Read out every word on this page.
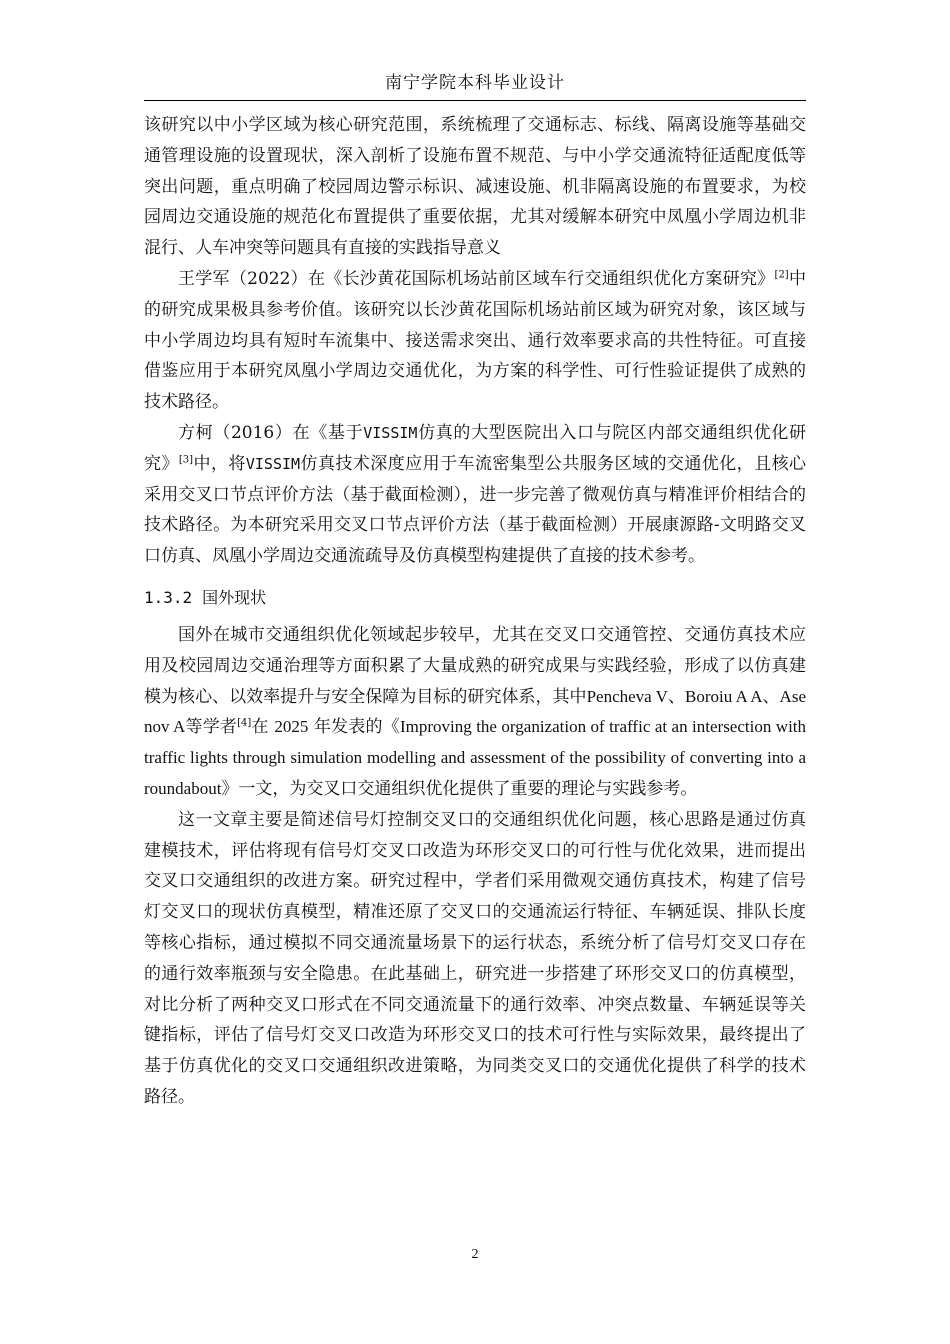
南宁学院本科毕业设计

该研究以中小学区域为核心研究范围，系统梳理了交通标志、标线、隔离设施等基础交通管理设施的设置现状，深入剖析了设施布置不规范、与中小学交通流特征适配度低等突出问题，重点明确了校园周边警示标识、减速设施、机非隔离设施的布置要求，为校园周边交通设施的规范化布置提供了重要依据，尤其对缓解本研究中凤凰小学周边机非混行、人车冲突等问题具有直接的实践指导意义

王学军（2022）在《长沙黄花国际机场站前区域车行交通组织优化方案研究》[2]中的研究成果极具参考价值。该研究以长沙黄花国际机场站前区域为研究对象，该区域与中小学周边均具有短时车流集中、接送需求突出、通行效率要求高的共性特征。可直接借鉴应用于本研究凤凰小学周边交通优化，为方案的科学性、可行性验证提供了成熟的技术路径。

方柯（2016）在《基于VISSIM仿真的大型医院出入口与院区内部交通组织优化研究》[3]中，将VISSIM仿真技术深度应用于车流密集型公共服务区域的交通优化，且核心采用交叉口节点评价方法（基于截面检测），进一步完善了微观仿真与精准评价相结合的技术路径。为本研究采用交叉口节点评价方法（基于截面检测）开展康源路-文明路交叉口仿真、凤凰小学周边交通流疏导及仿真模型构建提供了直接的技术参考。

1.3.2 国外现状

国外在城市交通组织优化领域起步较早，尤其在交叉口交通管控、交通仿真技术应用及校园周边交通治理等方面积累了大量成熟的研究成果与实践经验，形成了以仿真建模为核心、以效率提升与安全保障为目标的研究体系，其中Pencheva V、Boroiu A A、Asenov A等学者[4]在 2025 年发表的《Improving the organization of traffic at an intersection with traffic lights through simulation modelling and assessment of the possibility of converting into a roundabout》一文，为交叉口交通组织优化提供了重要的理论与实践参考。

这一文章主要是简述信号灯控制交叉口的交通组织优化问题，核心思路是通过仿真建模技术，评估将现有信号灯交叉口改造为环形交叉口的可行性与优化效果，进而提出交叉口交通组织的改进方案。研究过程中，学者们采用微观交通仿真技术，构建了信号灯交叉口的现状仿真模型，精准还原了交叉口的交通流运行特征、车辆延误、排队长度等核心指标，通过模拟不同交通流量场景下的运行状态，系统分析了信号灯交叉口存在的通行效率瓶颈与安全隐患。在此基础上，研究进一步搭建了环形交叉口的仿真模型，对比分析了两种交叉口形式在不同交通流量下的通行效率、冲突点数量、车辆延误等关键指标，评估了信号灯交叉口改造为环形交叉口的技术可行性与实际效果，最终提出了基于仿真优化的交叉口交通组织改进策略，为同类交叉口的交通优化提供了科学的技术路径。

2
